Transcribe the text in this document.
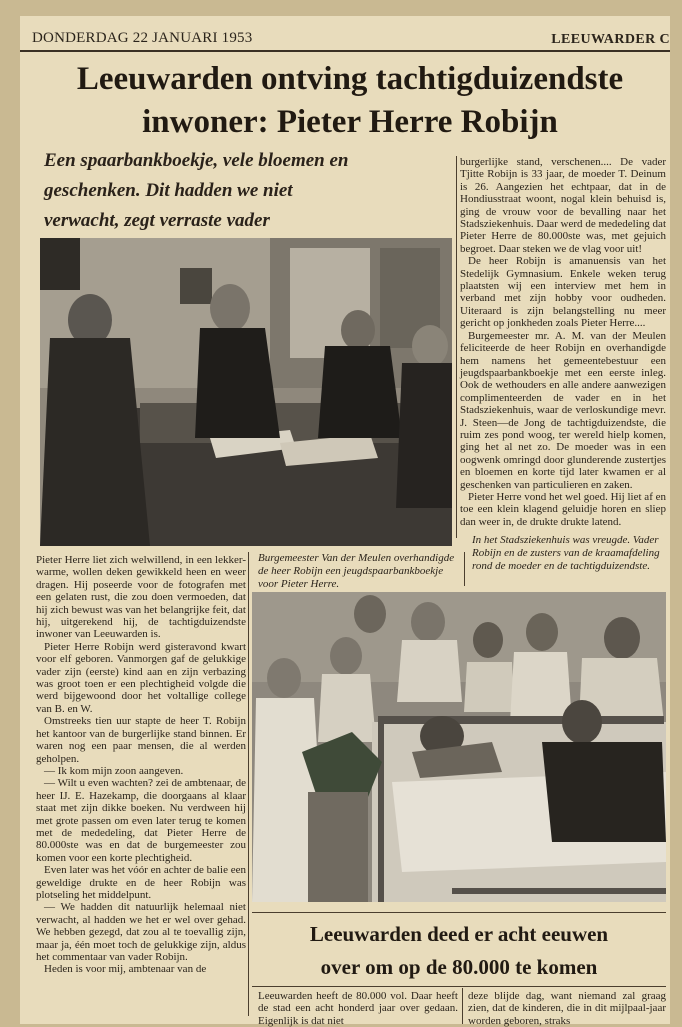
DONDERDAG 22 JANUARI 1953	LEEUWARDER C
Leeuwarden ontving tachtigduizendste
inwoner: Pieter Herre Robijn
Een spaarbankboekje, vele bloemen en
geschenken. Dit hadden we niet
verwacht, zegt verraste vader

burgerlijke stand, verschenen.... De vader Tjitte Robijn is 33 jaar, de moeder T. Deinum is 26. Aangezien het echtpaar, dat in de Hondiusstraat woont, nogal klein behuisd is, ging de vrouw voor de bevalling naar het Stadsziekenhuis. Daar werd de mededeling dat Pieter Herre de 80.000ste was, met gejuich begroet. Daar steken we de vlag voor uit!

De heer Robijn is amanuensis van het Stedelijk Gymnasium. Enkele weken terug plaatsten wij een interview met hem in verband met zijn hobby voor oudheden. Uiteraard is zijn belangstelling nu meer gericht op jonkheden zoals Pieter Herre....

Burgemeester mr. A. M. van der Meulen feliciteerde de heer Robijn en overhandigde hem namens het gemeentebestuur een jeugdspaarbankboekje met een eerste inleg. Ook de wethouders en alle andere aanwezigen complimenteerden de vader en in het Stadsziekenhuis, waar de verloskundige mevr. J. Steen—de Jong de tachtigduizendste, die ruim zes pond woog, ter wereld hielp komen, ging het al net zo. De moeder was in een oogwenk omringd door glunderende zustertjes en bloemen en korte tijd later kwamen er al geschenken van particulieren en zaken.

Pieter Herre vond het wel goed. Hij liet af en toe een klein klagend geluidje horen en sliep dan weer in, de drukte drukte latend.

In het Stadsziekenhuis was vreugde. Vader Robijn en de zusters van de kraamafdeling rond de moeder en de tachtigduizendste.
Burgemeester Van der Meulen overhandigde de heer Robijn een jeugdspaarbankboekje voor Pieter Herre.

Pieter Herre liet zich welwillend, in een lekker-warme, wollen deken gewikkeld heen en weer dragen. Hij poseerde voor de fotografen met een gelaten rust, die zou doen vermoeden, dat hij zich bewust was van het belangrijke feit, dat hij, uitgerekend hij, de tachtigduizendste inwoner van Leeuwarden is.

Pieter Herre Robijn werd gisteravond kwart voor elf geboren. Vanmorgen gaf de gelukkige vader zijn (eerste) kind aan en zijn verbazing was groot toen er een plechtigheid volgde die werd bijgewoond door het voltallige college van B. en W.

Omstreeks tien uur stapte de heer T. Robijn het kantoor van de burgerlijke stand binnen. Er waren nog een paar mensen, die al werden geholpen.

— Ik kom mijn zoon aangeven.

— Wilt u even wachten? zei de ambtenaar, de heer IJ. E. Hazekamp, die doorgaans al klaar staat met zijn dikke boeken. Nu verdween hij met grote passen om even later terug te komen met de mededeling, dat Pieter Herre de 80.000ste was en dat de burgemeester zou komen voor een korte plechtigheid.

Even later was het vóór en achter de balie een geweldige drukte en de heer Robijn was plotseling het middelpunt.

— We hadden dit natuurlijk helemaal niet verwacht, al hadden we het er wel over gehad. We hebben gezegd, dat zou al te toevallig zijn, maar ja, één moet toch de gelukkige zijn, aldus het commentaar van vader Robijn.

Heden is voor mij, ambtenaar van de

Leeuwarden deed er acht eeuwen
over om op de 80.000 te komen
Leeuwarden heeft de 80.000 vol. Daar heeft de stad een acht honderd jaar over gedaan. Eigenlijk is dat niet
deze blijde dag, want niemand zal graag zien, dat de kinderen, die in dit mijlpaal-jaar worden geboren, straks
